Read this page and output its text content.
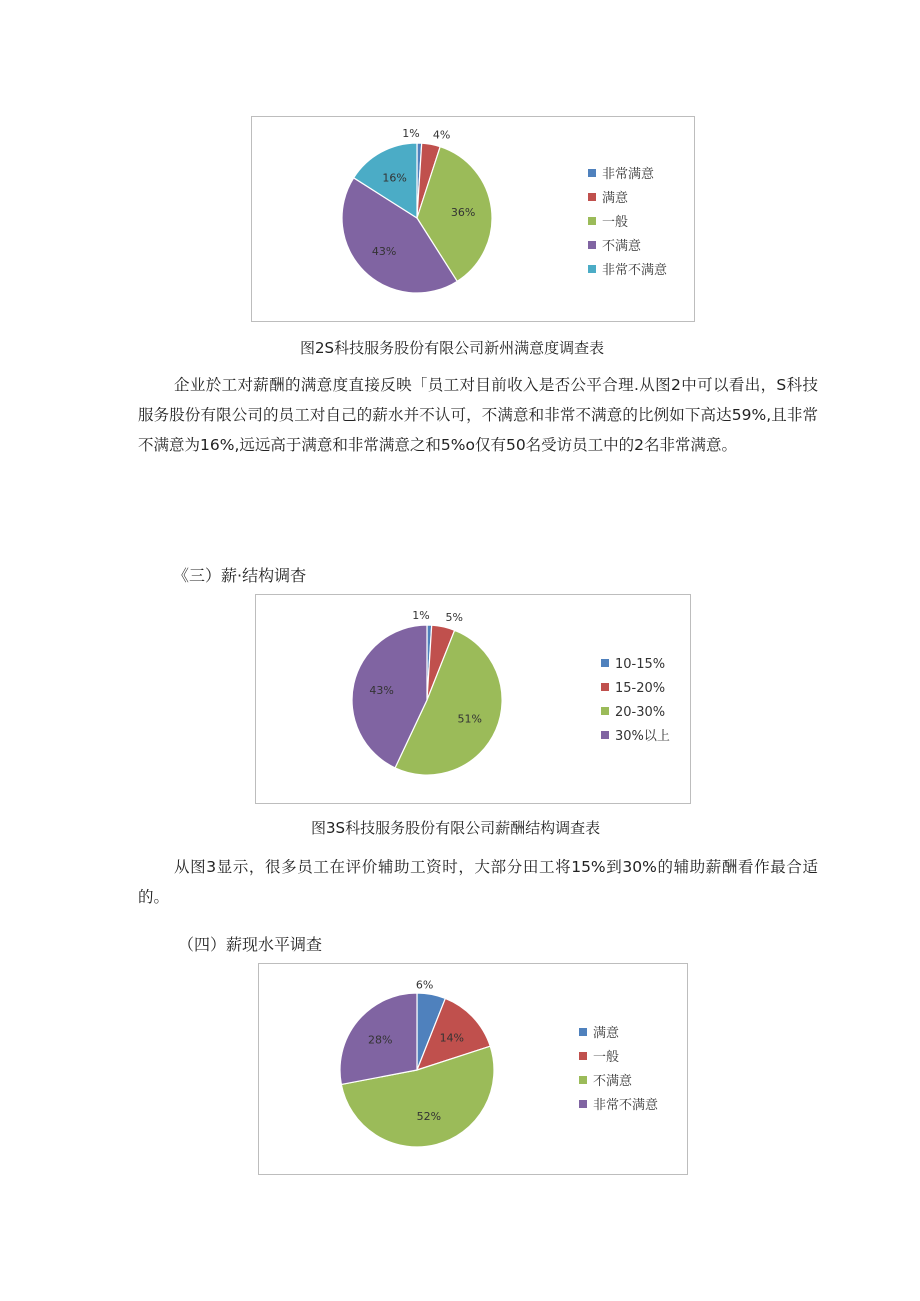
1% 4%
36%
43%
16%	非常满意
满意
一般
不满意
非常不满意
图2S科技服务股份有限公司新州满意度调查表

企业於工对薪酬的满意度直接反映「员工对目前收入是否公平合理.从图2中可以看出，S科技服务股份有限公司的员工对自己的薪水并不认可，不满意和非常不满意的比例如下高达59%,且非常不满意为16%,远远高于满意和非常满意之和5%o仅有50名受访员工中的2名非常满意。

《三）薪·结构调杳
1% 5%
51%
43%
10-15%
15-20%
20-30%
30%以上
图3S科技服务股份有限公司薪酬结构调查表

从图3显示，很多员工在评价辅助工资时，大部分田工将15%到30%的辅助薪酬看作最合适的。

（四）薪现水平调查
6%
14%
52%
28%	满意
一般
不满意
非常不满意
